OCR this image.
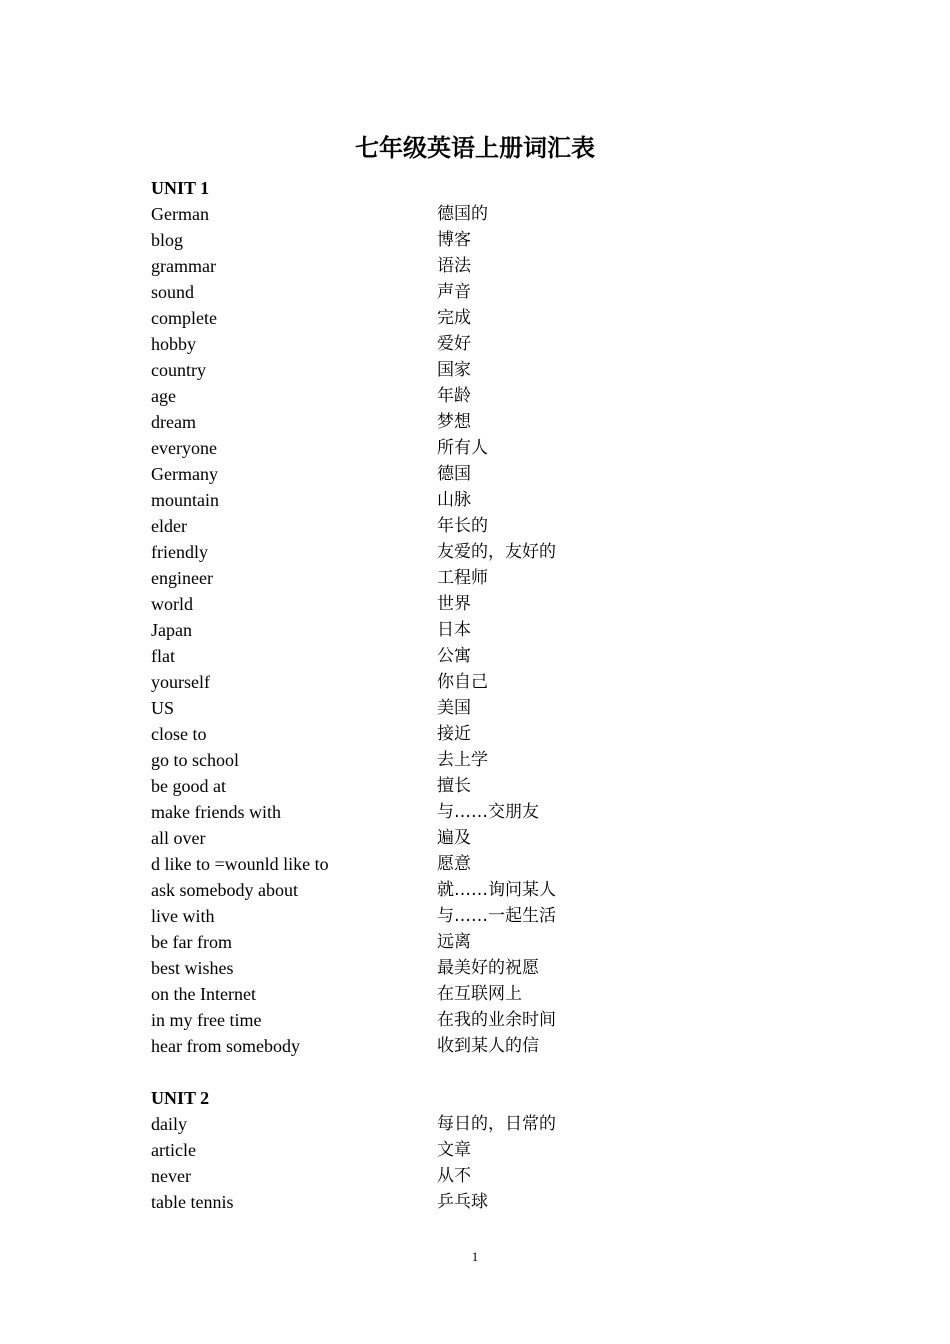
七年级英语上册词汇表
UNIT 1
German	德国的
blog	博客
grammar	语法
sound	声音
complete	完成
hobby	爱好
country	国家
age	年龄
dream	梦想
everyone	所有人
Germany	德国
mountain	山脉
elder	年长的
friendly	友爱的，友好的
engineer	工程师
world	世界
Japan	日本
flat	公寓
yourself	你自己
US	美国
close to	接近
go to school	去上学
be good at	擅长
make friends with	与……交朋友
all over	遍及
d like to =wounld like to	愿意
ask somebody about	就……询问某人
live with	与……一起生活
be far from	远离
best wishes	最美好的祝愿
on the Internet	在互联网上
in my free time	在我的业余时间
hear from somebody	收到某人的信
UNIT 2
daily	每日的，日常的
article	文章
never	从不
table tennis	乒乓球
1
